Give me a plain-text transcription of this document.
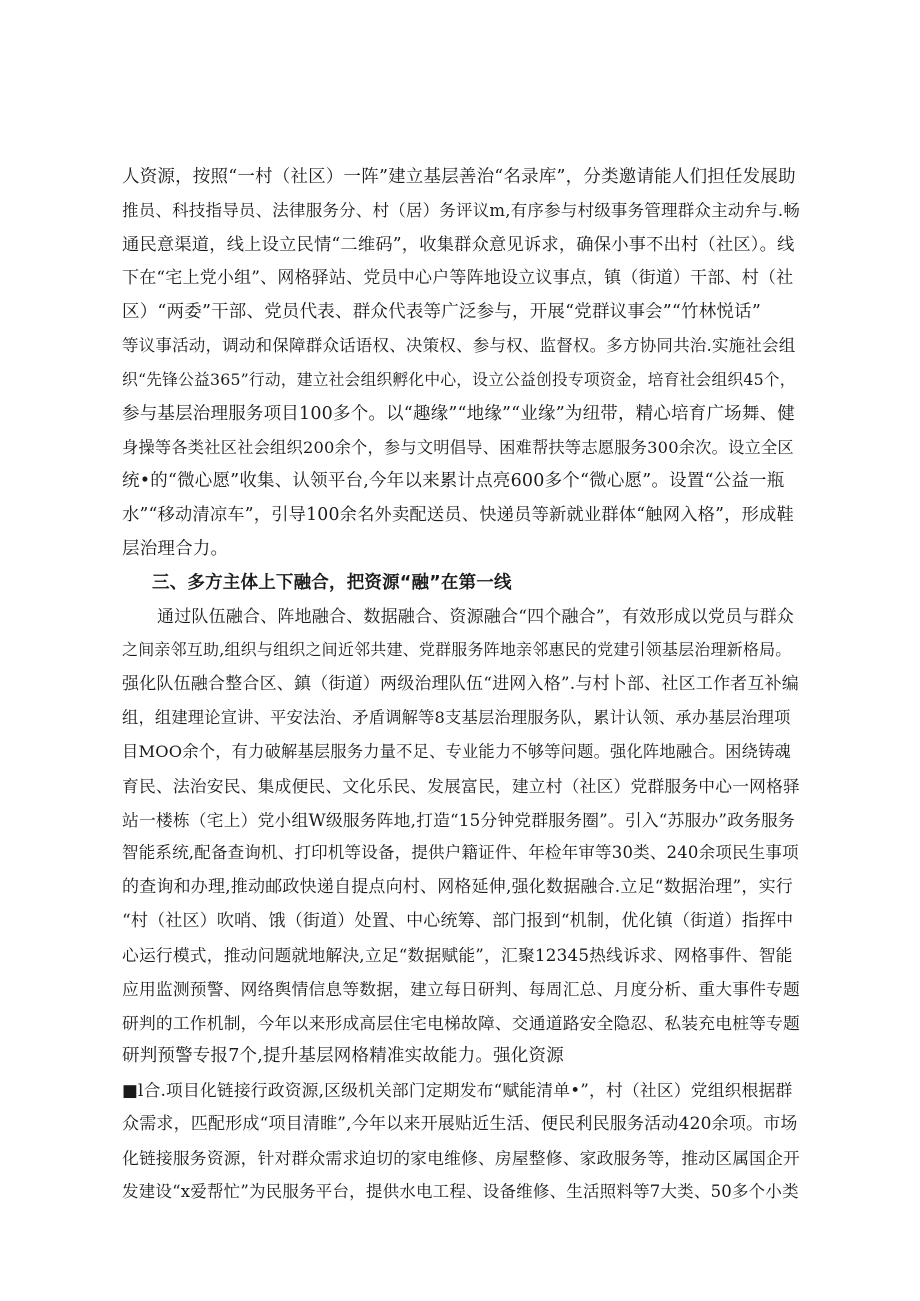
人资源，按照“一村（社区）一阵”建立基层善治“名录库”，分类邀请能人们担任发展助
推员、科技指导员、法律服务分、村（居）务评议m,有序参与村级事务管理群众主动弁与.畅
通民意渠道，线上设立民情“二维码”，收集群众意见诉求，确保小事不出村（社区）。线
下在“宅上党小组”、网格驿站、党员中心户等阵地设立议事点，镇（街道）干部、村（社
区）“两委”干部、党员代表、群众代表等广泛参与，开展“党群议事会”“竹林悦话”
等议事活动，调动和保障群众话语权、决策权、参与权、监督权。多方协同共治.实施社会组
织“先锋公益365”行动，建立社会组织孵化中心，设立公益创投专项资金，培育社会组织45个，
参与基层治理服务项目100多个。以“趣缘”“地缘”“业缘”为纽带，精心培育广场舞、健
身操等各类社区社会组织200余个，参与文明倡导、困难帮扶等志愿服务300余次。设立全区
统•的“微心愿”收集、认领平台,今年以来累计点亮600多个“微心愿”。设置“公益一瓶
水”“移动清凉车”，引导100余名外卖配送员、快递员等新就业群体“触网入格”，形成鞋
层治理合力。
三、多方主体上下融合，把资源“融”在第一线
通过队伍融合、阵地融合、数据融合、资源融合“四个融合”，有效形成以党员与群众
之间亲邻互助,组织与组织之间近邻共建、党群服务阵地亲邻惠民的党建引领基层治理新格局。
强化队伍融合整合区、鎮（街道）两级治理队伍“进网入格”.与村卜部、社区工作者互补编
组，组建理论宣讲、平安法治、矛盾调解等8支基层治理服务队，累计认领、承办基层治理项
目MOO余个，有力破解基层服务力量不足、专业能力不够等问题。强化阵地融合。困绕铸魂
育民、法治安民、集成便民、文化乐民、发展富民，建立村（社区）党群服务中心一网格驿
站一楼栋（宅上）党小组W级服务阵地,打造“15分钟党群服务圈”。引入“苏服办”政务服务
智能系统,配备查询机、打印机等设备，提供户籍证件、年检年审等30类、240余项民生事项
的查询和办理,推动邮政快递自提点向村、网格延伸,强化数据融合.立足“数据治理”，实行
“村（社区）吹哨、饿（街道）处置、中心统筹、部门报到“机制，优化镇（街道）指挥中
心运行模式，推动问题就地解決,立足“数据赋能”，汇聚12345热线诉求、网格事件、智能
应用监测预警、网络舆情信息等数据，建立每日研判、每周汇总、月度分析、重大事件专题
研判的工作机制，今年以来形成高层住宅电梯故障、交通道路安全隐忍、私装充电桩等专题
研判预警专报7个,提升基层网格精准实故能力。强化资源
■l合.项目化链接行政资源,区级机关部门定期发布“赋能清单•”，村（社区）党组织根据群
众需求，匹配形成“项目清睢”,今年以来开展贴近生活、便民利民服务活动420余项。市场
化链接服务资源，针对群众需求迫切的家电维修、房屋整修、家政服务等，推动区属国企开
发建设“x爱帮忙”为民服务平台，提供水电工程、设备维修、生活照料等7大类、50多个小类
